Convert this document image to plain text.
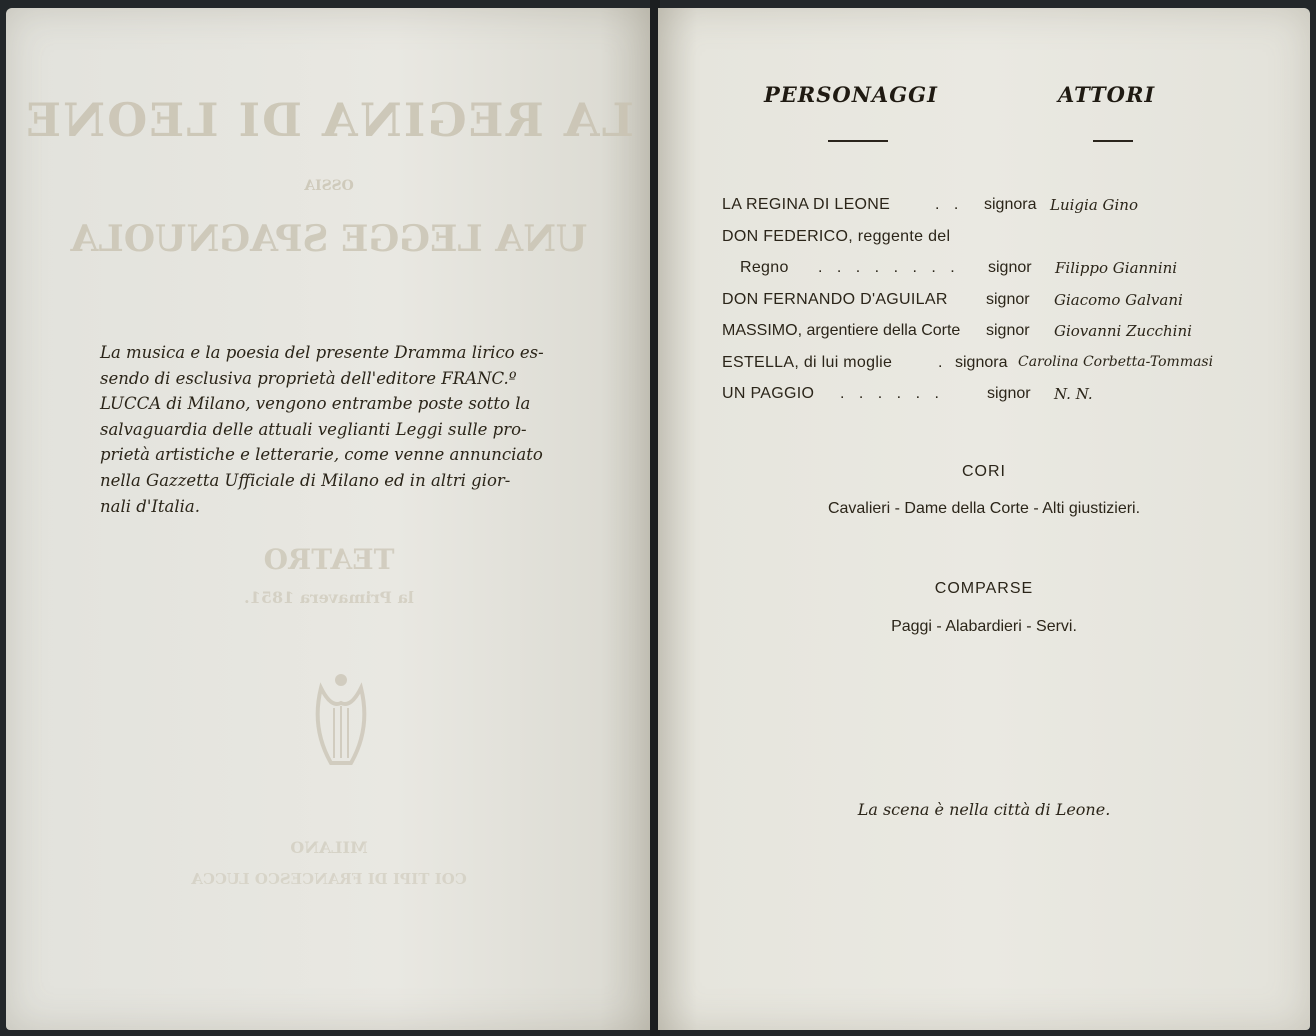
LA REGINA DI LEONE
OSSIA
UNA LEGGE SPAGNUOLA
TEATRO
la Primavera 1851.
MILANO
COI TIPI DI FRANCESCO LUCCA
La musica e la poesia del presente Dramma lirico es-
sendo di esclusiva proprietà dell'editore FRANC.º
LUCCA di Milano, vengono entrambe poste sotto la
salvaguardia delle attuali veglianti Leggi sulle pro-
prietà artistiche e letterarie, come venne annunciato
nella Gazzetta Ufficiale di Milano ed in altri gior-
nali d'Italia.
PERSONAGGI	ATTORI
LA REGINA DI LEONE	. . signora Luigia Gino
DON FEDERICO, reggente del
Regno . . . . . . . . signor Filippo Giannini
DON FERNANDO D'AGUILAR signor Giacomo Galvani
MASSIMO, argentiere della Corte signor Giovanni Zucchini
ESTELLA, di lui moglie	. signora Carolina Corbetta-Tommasi
UN PAGGIO . . . . . .	signor N. N.
CORI
Cavalieri - Dame della Corte - Alti giustizieri.
COMPARSE
Paggi - Alabardieri - Servi.
La scena è nella città di Leone.
